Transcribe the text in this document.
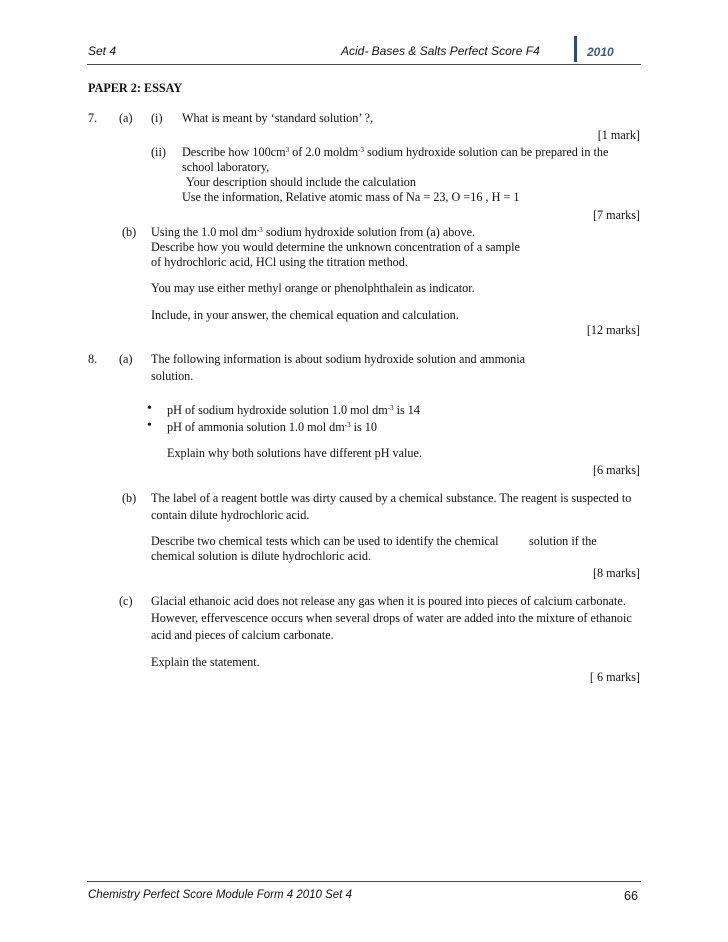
Set 4	Acid- Bases & Salts Perfect Score F4	2010
PAPER 2: ESSAY
7. (a) (i) What is meant by ‘standard solution’ ?,
[1 mark]
(ii) Describe how $100cm^3$ of 2.0 moldm$^{-3}$ sodium hydroxide solution can be prepared in the
school laboratory,
Your description should include the calculation
Use the information, Relative atomic mass of Na = 23, O =16 , H = 1
[7 marks]
(b) Using the 1.0 mol $dm^{-3}$ sodium hydroxide solution from (a) above.
Describe how you would determine the unknown concentration of a sample
of hydrochloric acid, HCl using the titration method.
You may use either methyl orange or phenolphthalein as indicator.
Include, in your answer, the chemical equation and calculation.
[12 marks]
8. (a) The following information is about sodium hydroxide solution and ammonia
solution.
• pH of sodium hydroxide solution 1.0 mol $dm^{-3}$ is 14
• pH of ammonia solution 1.0 mol $dm^{-3}$ is 10
Explain why both solutions have different pH value.
[6 marks]
(b) The label of a reagent bottle was dirty caused by a chemical substance. The reagent is suspected to
contain dilute hydrochloric acid.
Describe two chemical tests which can be used to identify the chemical solution if the
chemical solution is dilute hydrochloric acid.
[8 marks]
(c) Glacial ethanoic acid does not release any gas when it is poured into pieces of calcium carbonate.
However, effervescence occurs when several drops of water are added into the mixture of ethanoic
acid and pieces of calcium carbonate.
Explain the statement.
[ 6 marks]
Chemistry Perfect Score Module Form 4 2010 Set 4	66
